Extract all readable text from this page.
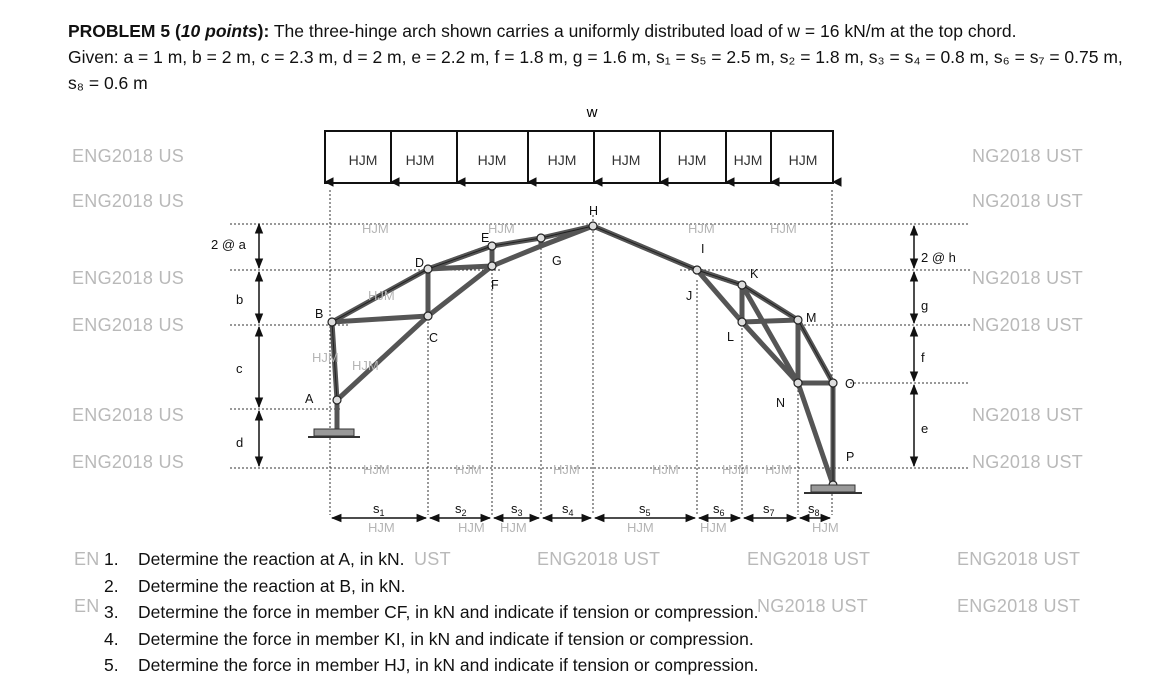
PROBLEM 5 (10 points): The three-hinge arch shown carries a uniformly distributed load of w = 16 kN/m at the top chord.
Given: a = 1 m, b = 2 m, c = 2.3 m, d = 2 m, e = 2.2 m, f = 1.8 m, g = 1.6 m, s₁ = s₅ = 2.5 m, s₂ = 1.8 m, s₃ = s₄ = 0.8 m, s₆ = s₇ = 0.75 m, s₈ = 0.6 m
ENG2018 US
ENG2018 US
ENG2018 US
ENG2018 US
ENG2018 US
ENG2018 US
NG2018 UST
NG2018 UST
NG2018 UST
NG2018 UST
NG2018 UST
NG2018 UST
EN	UST	ENG2018 UST	ENG2018 UST	ENG2018 UST
EN	NG2018 UST	ENG2018 UST
w
HJM HJM	HJM	HJM	HJM	HJM HJM HJM
A
B
C
D
E
F
G
H
I
J
K
L
M
N
O
P
HJM	HJM	HJM	HJM
HJM
HJM
HJM
HJM	HJM	HJM	HJM	HJM HJM
HJM	HJM HJM	HJM	HJM	HJM
2 @ a
b
c
d
2 @ h
g
f
e
$s_1$	$s_2$	$s_3$	$s_4$	$s_5$	$s_6$	$s_7$	$s_8$
1. Determine the reaction at A, in kN.
2. Determine the reaction at B, in kN.
3. Determine the force in member CF, in kN and indicate if tension or compression.
4. Determine the force in member KI, in kN and indicate if tension or compression.
5. Determine the force in member HJ, in kN and indicate if tension or compression.
